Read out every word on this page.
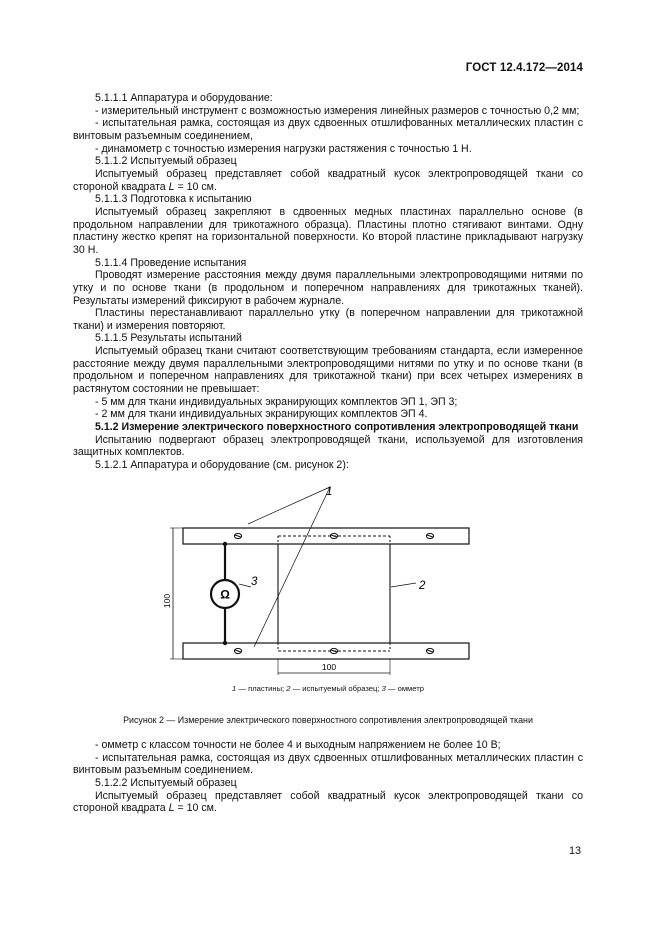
ГОСТ 12.4.172—2014

5.1.1.1 Аппаратура и оборудование:

- измерительный инструмент с возможностью измерения линейных размеров с точностью 0,2 мм;

- испытательная рамка, состоящая из двух сдвоенных отшлифованных металлических пластин с винтовым разъемным соединением,

- динамометр с точностью измерения нагрузки растяжения с точностью 1 Н.

5.1.1.2 Испытуемый образец

Испытуемый образец представляет собой квадратный кусок электропроводящей ткани со стороной квадрата L = 10 см.

5.1.1.3 Подготовка к испытанию

Испытуемый образец закрепляют в сдвоенных медных пластинах параллельно основе (в продольном направлении для трикотажного образца). Пластины плотно стягивают винтами. Одну пластину жестко крепят на горизонтальной поверхности. Ко второй пластине прикладывают нагрузку 30 Н.

5.1.1.4 Проведение испытания

Проводят измерение расстояния между двумя параллельными электропроводящими нитями по утку и по основе ткани (в продольном и поперечном направлениях для трикотажных тканей). Результаты измерений фиксируют в рабочем журнале.

Пластины перестанавливают параллельно утку (в поперечном направлении для трикотажной ткани) и измерения повторяют.

5.1.1.5 Результаты испытаний

Испытуемый образец ткани считают соответствующим требованиям стандарта, если измеренное расстояние между двумя параллельными электропроводящими нитями по утку и по основе ткани (в продольном и поперечном направлениях для трикотажной ткани) при всех четырех измерениях в растянутом состоянии не превышает:

- 5 мм для ткани индивидуальных экранирующих комплектов ЭП 1, ЭП 3;

- 2 мм для ткани индивидуальных экранирующих комплектов ЭП 4.

5.1.2 Измерение электрического поверхностного сопротивления электропроводящей ткани

Испытанию подвергают образец электропроводящей ткани, используемой для изготовления защитных комплектов.

5.1.2.1 Аппаратура и оборудование (см. рисунок 2):

Ω
100
100
1
2
3
1 — пластины; 2 — испытуемый образец; 3 — омметр
Рисунок 2 — Измерение электрического поверхностного сопротивления электропроводящей ткани

- омметр с классом точности не более 4 и выходным напряжением не более 10 В;

- испытательная рамка, состоящая из двух сдвоенных отшлифованных металлических пластин с винтовым разъемным соединением.

5.1.2.2 Испытуемый образец

Испытуемый образец представляет собой квадратный кусок электропроводящей ткани со стороной квадрата L = 10 см.

13
